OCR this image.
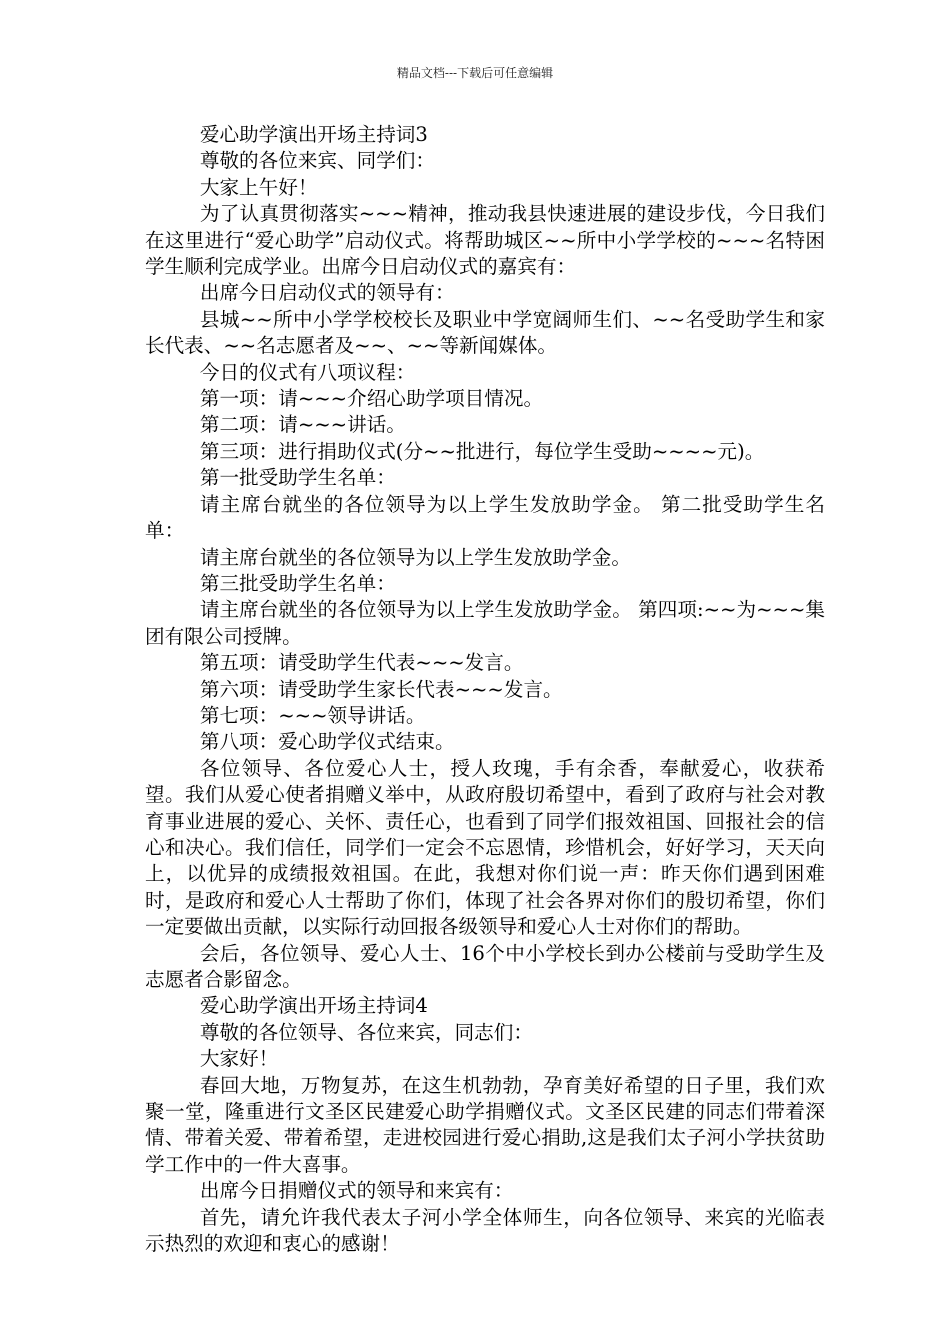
精品文档---下载后可任意编辑

爱心助学演出开场主持词3

尊敬的各位来宾、同学们：

大家上午好！

为了认真贯彻落实~~~精神，推动我县快速进展的建设步伐，今日我们在这里进行“爱心助学”启动仪式。将帮助城区~~所中小学学校的~~~名特困学生顺利完成学业。出席今日启动仪式的嘉宾有：

出席今日启动仪式的领导有：

县城~~所中小学学校校长及职业中学宽阔师生们、~~名受助学生和家长代表、~~名志愿者及~~、~~等新闻媒体。

今日的仪式有八项议程：

第一项：请~~~介绍心助学项目情况。

第二项：请~~~讲话。

第三项：进行捐助仪式(分~~批进行，每位学生受助~~~~元)。

第一批受助学生名单：

请主席台就坐的各位领导为以上学生发放助学金。 第二批受助学生名单：

请主席台就坐的各位领导为以上学生发放助学金。

第三批受助学生名单：

请主席台就坐的各位领导为以上学生发放助学金。 第四项:~~为~~~集团有限公司授牌。

第五项：请受助学生代表~~~发言。

第六项：请受助学生家长代表~~~发言。

第七项：~~~领导讲话。

第八项：爱心助学仪式结束。

各位领导、各位爱心人士，授人玫瑰，手有余香，奉献爱心，收获希望。我们从爱心使者捐赠义举中，从政府殷切希望中，看到了政府与社会对教育事业进展的爱心、关怀、责任心，也看到了同学们报效祖国、回报社会的信心和决心。我们信任，同学们一定会不忘恩情，珍惜机会，好好学习，天天向上，以优异的成绩报效祖国。在此，我想对你们说一声：昨天你们遇到困难时，是政府和爱心人士帮助了你们，体现了社会各界对你们的殷切希望，你们一定要做出贡献，以实际行动回报各级领导和爱心人士对你们的帮助。

会后，各位领导、爱心人士、16个中小学校长到办公楼前与受助学生及志愿者合影留念。

爱心助学演出开场主持词4

尊敬的各位领导、各位来宾，同志们：

大家好！

春回大地，万物复苏，在这生机勃勃，孕育美好希望的日子里，我们欢聚一堂，隆重进行文圣区民建爱心助学捐赠仪式。文圣区民建的同志们带着深情、带着关爱、带着希望，走进校园进行爱心捐助,这是我们太子河小学扶贫助学工作中的一件大喜事。

出席今日捐赠仪式的领导和来宾有：

首先，请允许我代表太子河小学全体师生，向各位领导、来宾的光临表示热烈的欢迎和衷心的感谢！
